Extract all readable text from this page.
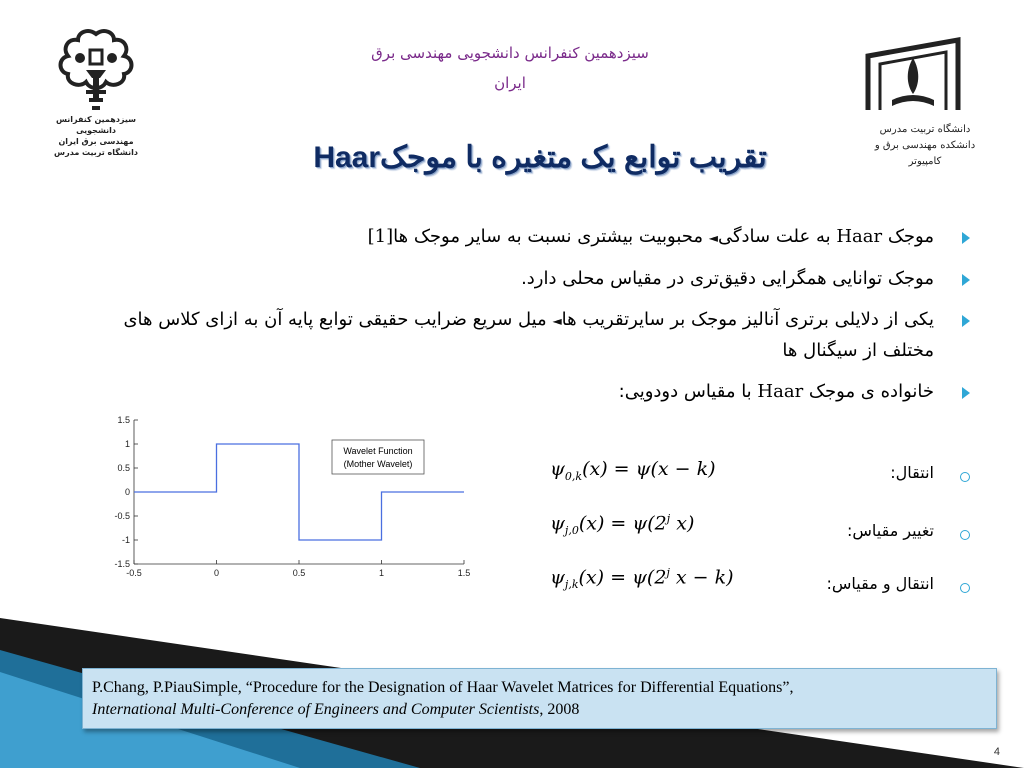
سیزدهمین کنفرانس دانشجویی مهندسی برق
ایران
سیزدهمین کنفرانس دانشجویی
مهندسی برق ایران
دانشگاه تربیت مدرس
دانشگاه تربیت مدرس
دانشکده مهندسی برق و کامپیوتر
تقریب توابع یک متغیره با موجکHaar
موجک Haar به علت سادگی◄ محبوبیت بیشتری نسبت به سایر موجک ها[1]
موجک توانایی همگرایی دقیق‌تری در مقیاس محلی دارد.
یکی از دلایلی برتری آنالیز موجک بر سایرتقریب ها◄ میل سریع ضرایب حقیقی توابع پایه آن به ازای کلاس های مختلف از سیگنال ها
خانواده ی موجک Haar با مقیاس دودویی:
انتقال:
$\psi_{0,k}(x) = \psi(x - k)$
تغییر مقیاس:
$\psi_{j,0}(x) = \psi(2^j$ x)
انتقال و مقیاس:
$\psi_{j,k}(x) = \psi(2^j$ x − k)
1.5
1
0.5
0
-0.5
-1
-1.5
-0.5	0	0.5	1	1.5
Wavelet Function
(Mother Wavelet)
P.Chang, P.PiauSimple, “Procedure for the Designation of Haar Wavelet Matrices for Differential Equations”,
International Multi-Conference of Engineers and Computer Scientists, 2008
4
